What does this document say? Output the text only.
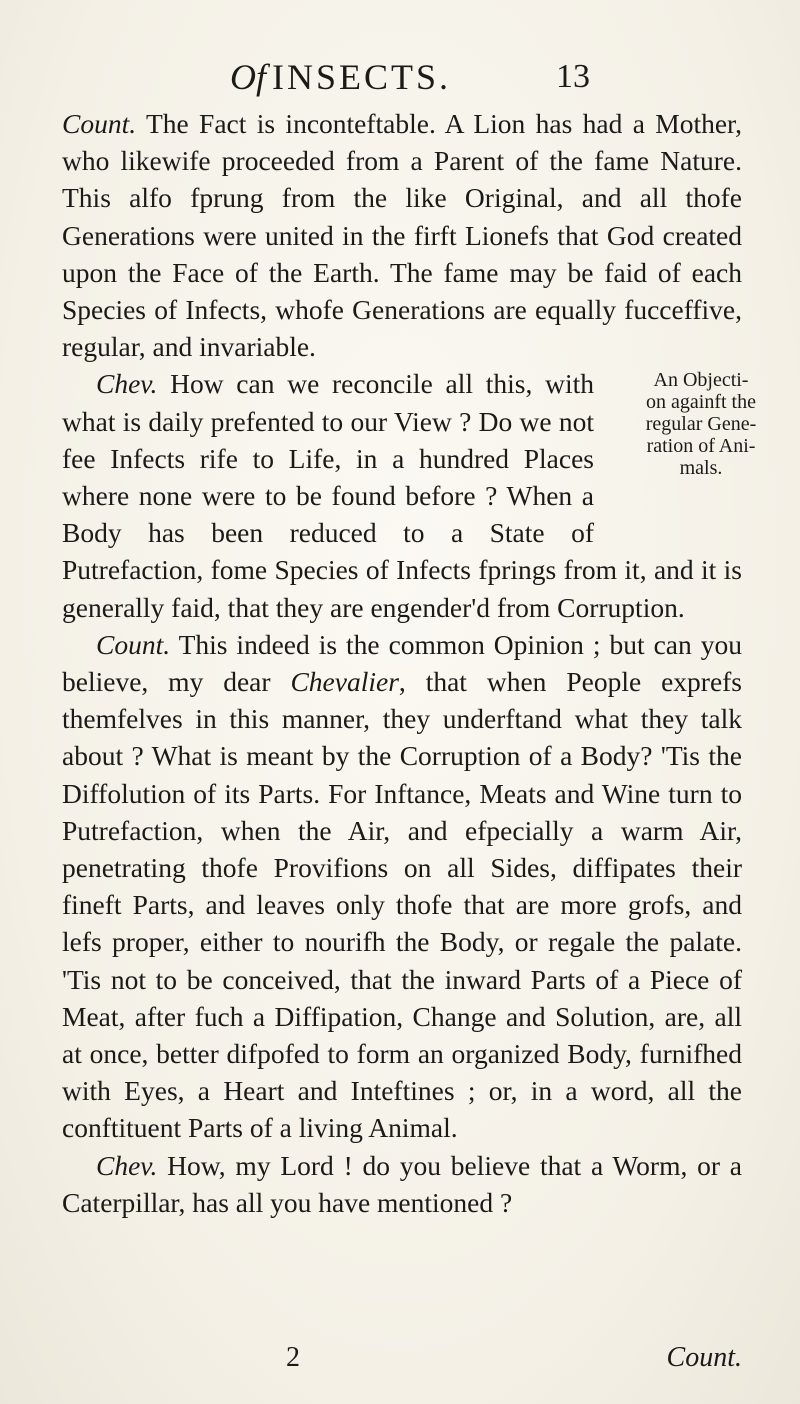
Of INSECTS.	13

Count. The Fact is inconteftable. A Lion has had a Mother, who likewife proceeded from a Parent of the fame Nature. This alfo fprung from the like Original, and all thofe Generations were united in the firft Lionefs that God created upon the Face of the Earth. The fame may be faid of each Species of Infects, whofe Generations are equally fucceffive, regular, and invariable.

An Objecti-
on againft the
regular Gene-
ration of Ani-
mals.
Chev. How can we reconcile all this, with what is daily prefented to our View ? Do we not fee Infects rife to Life, in a hundred Places where none were to be found before ? When a Body has been reduced to a State of Putrefaction, fome Species of Infects fprings from it, and it is generally faid, that they are engender'd from Corruption.

Count. This indeed is the common Opinion ; but can you believe, my dear Chevalier, that when People exprefs themfelves in this manner, they underftand what they talk about ? What is meant by the Corruption of a Body? 'Tis the Diffolution of its Parts. For Inftance, Meats and Wine turn to Putrefaction, when the Air, and efpecially a warm Air, penetrating thofe Provifions on all Sides, diffipates their fineft Parts, and leaves only thofe that are more grofs, and lefs proper, either to nourifh the Body, or regale the palate. 'Tis not to be conceived, that the inward Parts of a Piece of Meat, after fuch a Diffipation, Change and Solution, are, all at once, better difpofed to form an organized Body, furnifhed with Eyes, a Heart and Inteftines ; or, in a word, all the conftituent Parts of a living Animal.

Chev. How, my Lord ! do you believe that a Worm, or a Caterpillar, has all you have mentioned ?

2	Count.
